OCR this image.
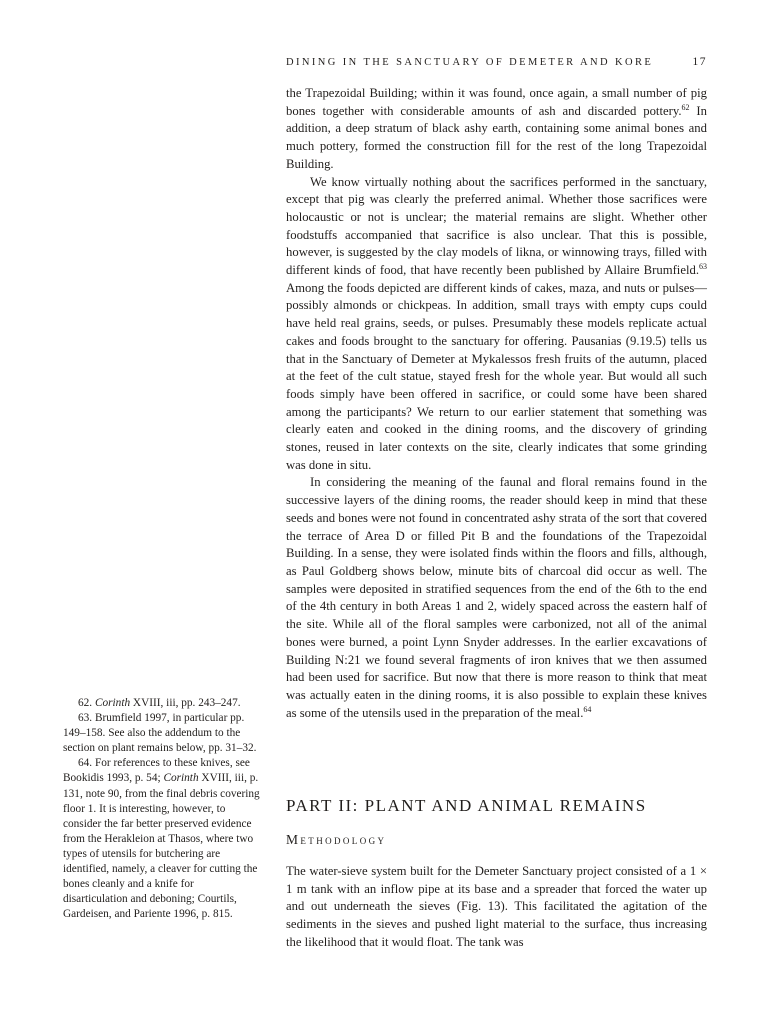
DINING IN THE SANCTUARY OF DEMETER AND KORE	17

62. Corinth XVIII, iii, pp. 243–247.

63. Brumfield 1997, in particular pp. 149–158. See also the addendum to the section on plant remains below, pp. 31–32.

64. For references to these knives, see Bookidis 1993, p. 54; Corinth XVIII, iii, p. 131, note 90, from the final debris covering floor 1. It is interesting, however, to consider the far better preserved evidence from the Herakleion at Thasos, where two types of utensils for butchering are identified, namely, a cleaver for cutting the bones cleanly and a knife for disarticulation and deboning; Courtils, Gardeisen, and Pariente 1996, p. 815.

the Trapezoidal Building; within it was found, once again, a small number of pig bones together with considerable amounts of ash and discarded pottery.$^{62}$ In addition, a deep stratum of black ashy earth, containing some animal bones and much pottery, formed the construction fill for the rest of the long Trapezoidal Building.

We know virtually nothing about the sacrifices performed in the sanctuary, except that pig was clearly the preferred animal. Whether those sacrifices were holocaustic or not is unclear; the material remains are slight. Whether other foodstuffs accompanied that sacrifice is also unclear. That this is possible, however, is suggested by the clay models of likna, or winnowing trays, filled with different kinds of food, that have recently been published by Allaire Brumfield.$^{63}$ Among the foods depicted are different kinds of cakes, maza, and nuts or pulses—possibly almonds or chickpeas. In addition, small trays with empty cups could have held real grains, seeds, or pulses. Presumably these models replicate actual cakes and foods brought to the sanctuary for offering. Pausanias (9.19.5) tells us that in the Sanctuary of Demeter at Mykalessos fresh fruits of the autumn, placed at the feet of the cult statue, stayed fresh for the whole year. But would all such foods simply have been offered in sacrifice, or could some have been shared among the participants? We return to our earlier statement that something was clearly eaten and cooked in the dining rooms, and the discovery of grinding stones, reused in later contexts on the site, clearly indicates that some grinding was done in situ.

In considering the meaning of the faunal and floral remains found in the successive layers of the dining rooms, the reader should keep in mind that these seeds and bones were not found in concentrated ashy strata of the sort that covered the terrace of Area D or filled Pit B and the foundations of the Trapezoidal Building. In a sense, they were isolated finds within the floors and fills, although, as Paul Goldberg shows below, minute bits of charcoal did occur as well. The samples were deposited in stratified sequences from the end of the 6th to the end of the 4th century in both Areas 1 and 2, widely spaced across the eastern half of the site. While all of the floral samples were carbonized, not all of the animal bones were burned, a point Lynn Snyder addresses. In the earlier excavations of Building N:21 we found several fragments of iron knives that we then assumed had been used for sacrifice. But now that there is more reason to think that meat was actually eaten in the dining rooms, it is also possible to explain these knives as some of the utensils used in the preparation of the meal.$^{64}$

PART II: PLANT AND ANIMAL REMAINS
Methodology

The water-sieve system built for the Demeter Sanctuary project consisted of a 1 × 1 m tank with an inflow pipe at its base and a spreader that forced the water up and out underneath the sieves (Fig. 13). This facilitated the agitation of the sediments in the sieves and pushed light material to the surface, thus increasing the likelihood that it would float. The tank was
